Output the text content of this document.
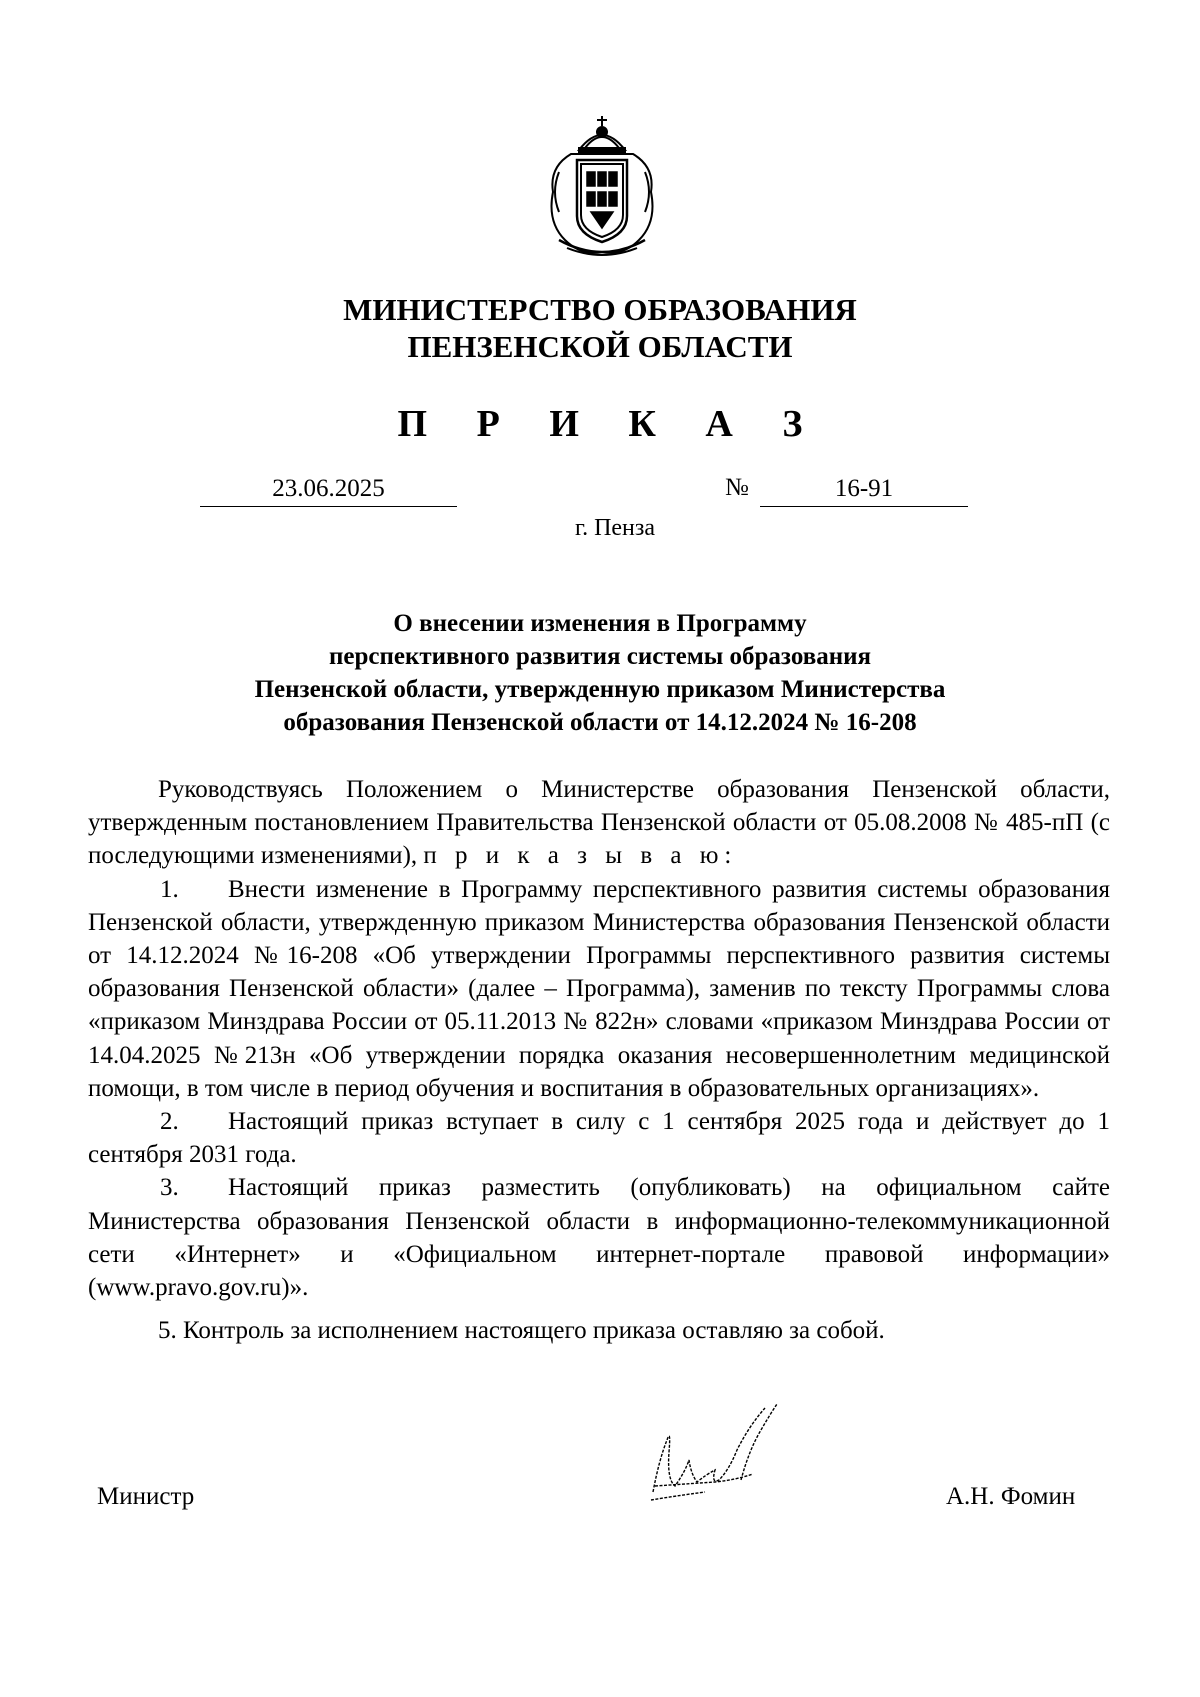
МИНИСТЕРСТВО ОБРАЗОВАНИЯ
ПЕНЗЕНСКОЙ ОБЛАСТИ
П Р И К А З
23.06.2025	№	16-91
г. Пенза
О внесении изменения в Программу
перспективного развития системы образования
Пензенской области, утвержденную приказом Министерства
образования Пензенской области от 14.12.2024 № 16-208

Руководствуясь Положением о Министерстве образования Пензенской области, утвержденным постановлением Правительства Пензенской области от 05.08.2008 № 485-пП (с последующими изменениями), п р и к а з ы в а ю:

1. Внести изменение в Программу перспективного развития системы образования Пензенской области, утвержденную приказом Министерства образования Пензенской области от 14.12.2024 №16-208 «Об утверждении Программы перспективного развития системы образования Пензенской области» (далее – Программа), заменив по тексту Программы слова «приказом Минздрава России от 05.11.2013 № 822н» словами «приказом Минздрава России от 14.04.2025 №213н «Об утверждении порядка оказания несовершеннолетним медицинской помощи, в том числе в период обучения и воспитания в образовательных организациях».

2. Настоящий приказ вступает в силу с 1 сентября 2025 года и действует до 1 сентября 2031 года.

3. Настоящий приказ разместить (опубликовать) на официальном сайте Министерства образования Пензенской области в информационно-телекоммуникационной сети «Интернет» и «Официальном интернет-портале правовой информации» (www.pravo.gov.ru)».

5. Контроль за исполнением настоящего приказа оставляю за собой.

Министр	А.Н. Фомин
